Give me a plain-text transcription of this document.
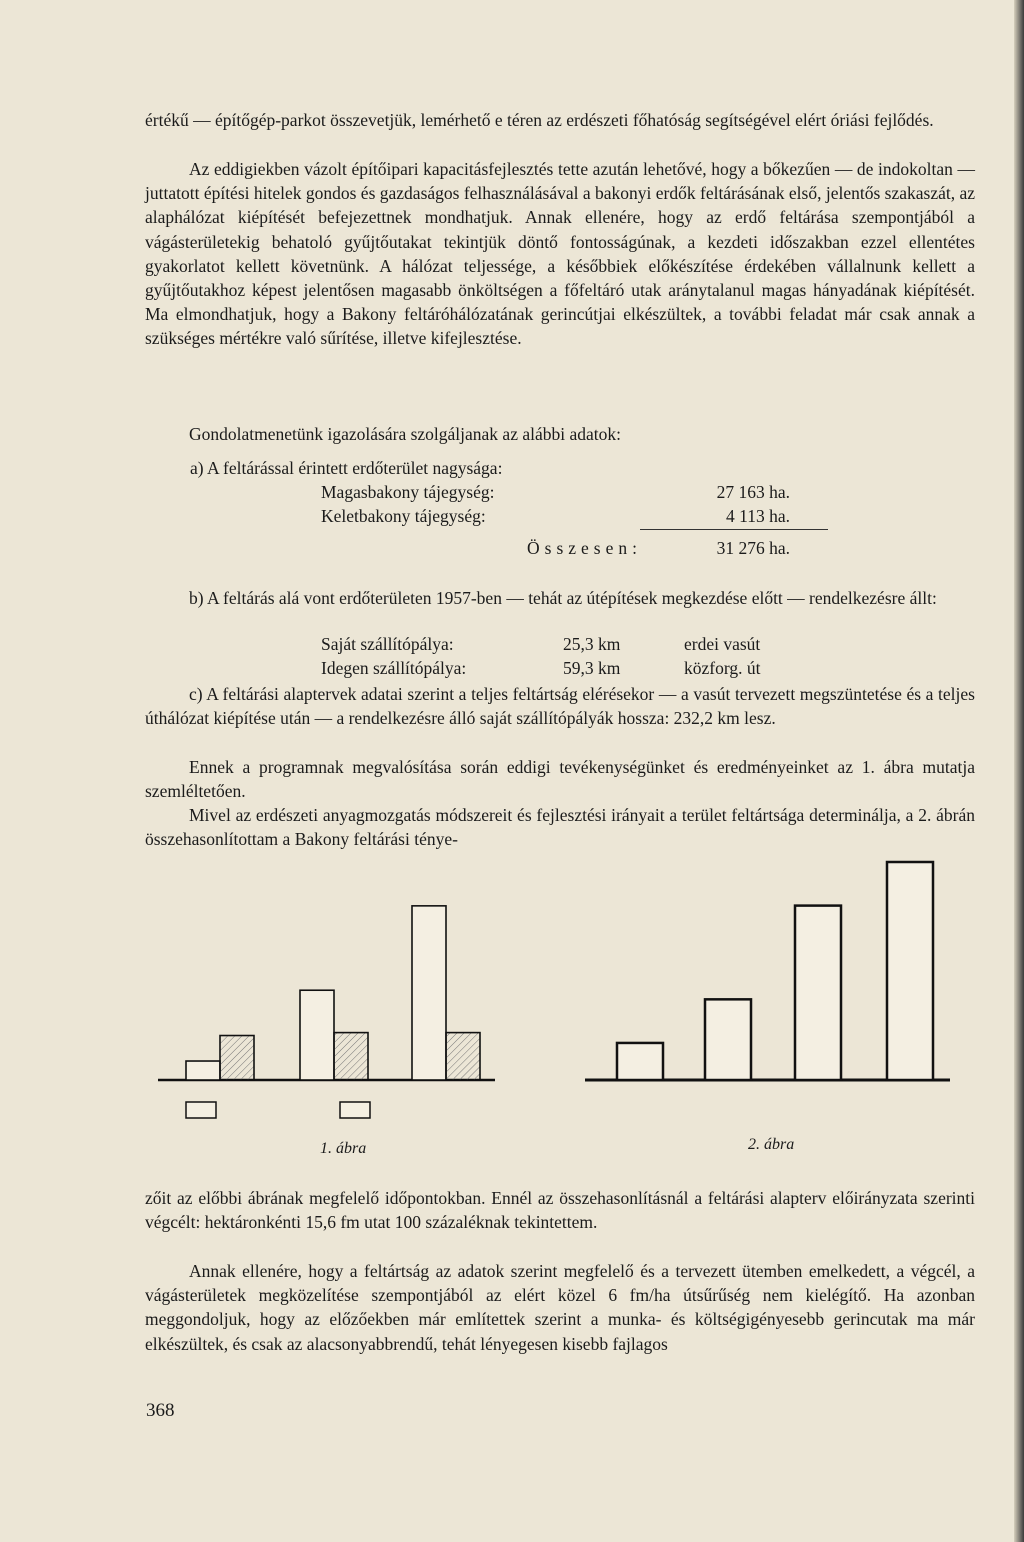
értékű — építőgép-parkot összevetjük, lemérhető e téren az erdészeti főhatóság segítségével elért óriási fejlődés.

Az eddigiekben vázolt építőipari kapacitásfejlesztés tette azután lehetővé, hogy a bőkezűen — de indokoltan — juttatott építési hitelek gondos és gazdaságos felhasználásával a bakonyi erdők feltárásának első, jelentős szakaszát, az alaphálózat kiépítését befejezettnek mondhatjuk. Annak ellenére, hogy az erdő feltárása szempontjából a vágásterületekig behatoló gyűjtőutakat tekintjük döntő fontosságúnak, a kezdeti időszakban ezzel ellentétes gyakorlatot kellett követnünk. A hálózat teljessége, a későbbiek előkészítése érdekében vállalnunk kellett a gyűjtőutakhoz képest jelentősen magasabb önköltségen a főfeltáró utak aránytalanul magas hányadának kiépítését. Ma elmondhatjuk, hogy a Bakony feltáróhálózatának gerincútjai elkészültek, a további feladat már csak annak a szükséges mértékre való sűrítése, illetve kifejlesztése.

Gondolatmenetünk igazolására szolgáljanak az alábbi adatok:

a) A feltárással érintett erdőterület nagysága:
Magasbakony tájegység:	27 163 ha.
Keletbakony tájegység:	4 113 ha.
Összesen:	31 276 ha.

b) A feltárás alá vont erdőterületen 1957-ben — tehát az útépítések megkezdése előtt — rendelkezésre állt:

Saját szállítópálya:	25,3 km	erdei vasút
Idegen szállítópálya:	59,3 km	közforg. út

c) A feltárási alaptervek adatai szerint a teljes feltártság elérésekor — a vasút tervezett megszüntetése és a teljes úthálózat kiépítése után — a rendelkezésre álló saját szállítópályák hossza: 232,2 km lesz.

Ennek a programnak megvalósítása során eddigi tevékenységünket és eredményeinket az 1. ábra mutatja szemléltetően.

Mivel az erdészeti anyagmozgatás módszereit és fejlesztési irányait a terület feltártsága determinálja, a 2. ábrán összehasonlítottam a Bakony feltárási ténye-

1. ábra	2. ábra

zőit az előbbi ábrának megfelelő időpontokban. Ennél az összehasonlításnál a feltárási alapterv előirányzata szerinti végcélt: hektáronkénti 15,6 fm utat 100 százaléknak tekintettem.

Annak ellenére, hogy a feltártság az adatok szerint megfelelő és a tervezett ütemben emelkedett, a végcél, a vágásterületek megközelítése szempontjából az elért közel 6 fm/ha útsűrűség nem kielégítő. Ha azonban meggondoljuk, hogy az előzőekben már említettek szerint a munka- és költségigényesebb gerincutak ma már elkészültek, és csak az alacsonyabbrendű, tehát lényegesen kisebb fajlagos

368
